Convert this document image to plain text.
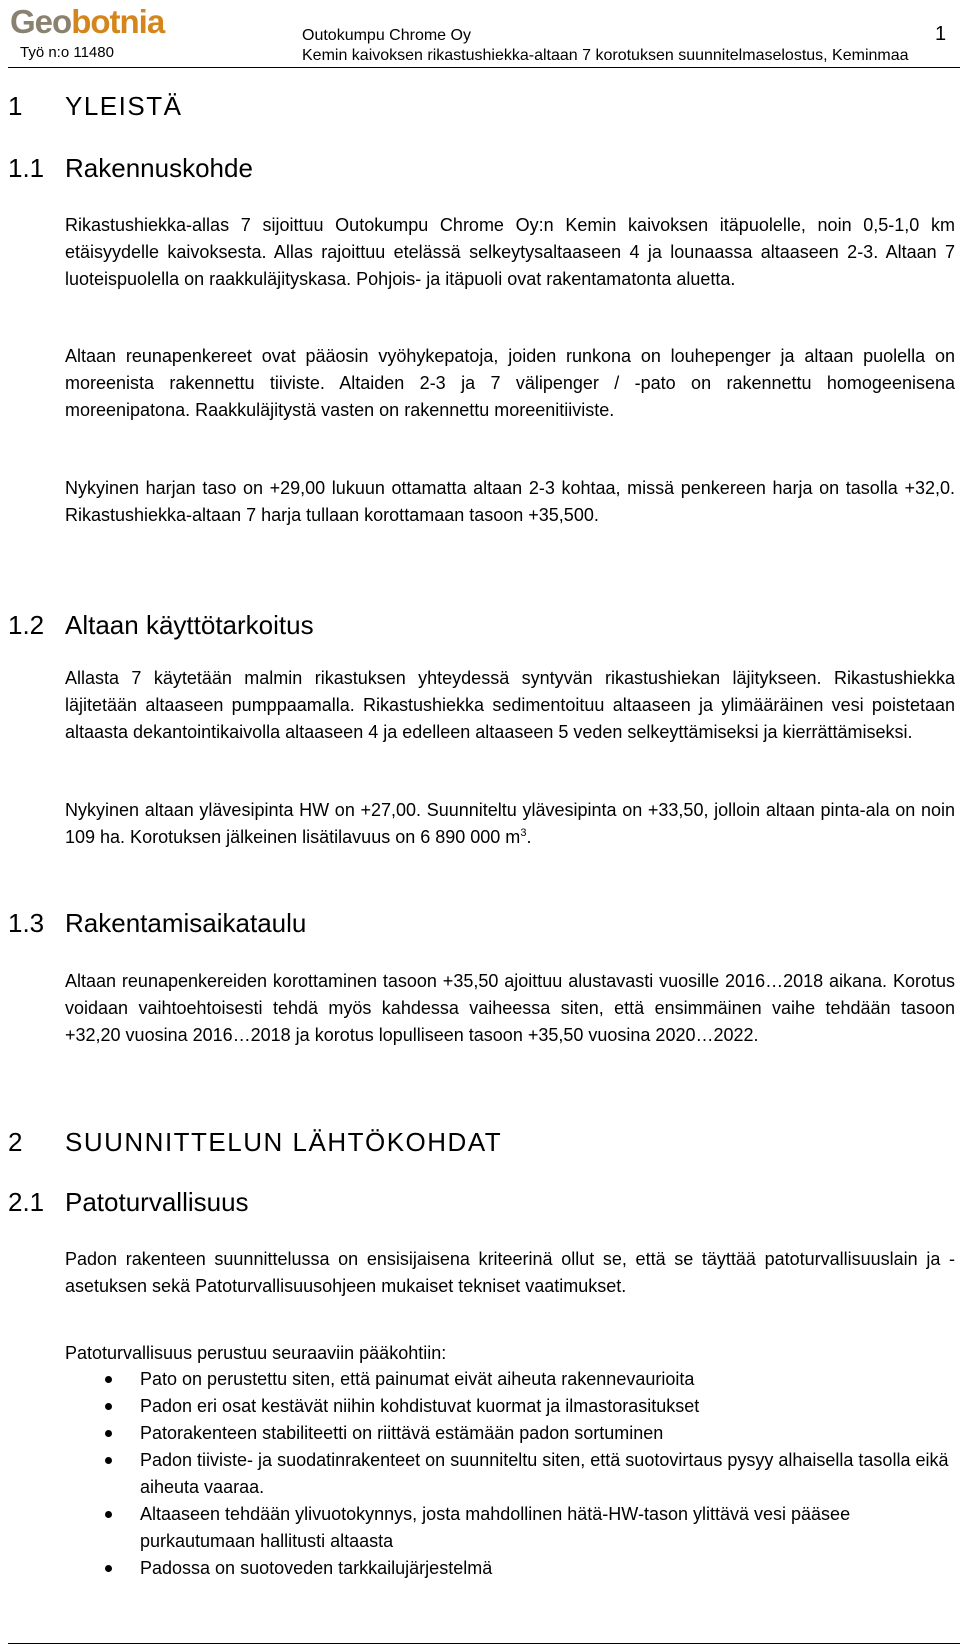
Geobotnia
Työ n:o 11480
Outokumpu Chrome Oy
Kemin kaivoksen rikastushiekka-altaan 7 korotuksen suunnitelmaselostus, Keminmaa
1
1 YLEISTÄ
1.1 Rakennuskohde
Rikastushiekka-allas 7 sijoittuu Outokumpu Chrome Oy:n Kemin kaivoksen itäpuolelle, noin 0,5-1,0 km etäisyydelle kaivoksesta. Allas rajoittuu etelässä selkeytysaltaaseen 4 ja lounaassa altaaseen 2-3. Altaan 7 luoteispuolella on raakkuläjityskasa. Pohjois- ja itäpuoli ovat rakentamatonta aluetta.
Altaan reunapenkereet ovat pääosin vyöhykepatoja, joiden runkona on louhepenger ja altaan puolella on moreenista rakennettu tiiviste. Altaiden 2-3 ja 7 välipenger / -pato on rakennettu homogeenisena moreenipatona. Raakkuläjitystä vasten on rakennettu moreenitiiviste.
Nykyinen harjan taso on +29,00 lukuun ottamatta altaan 2-3 kohtaa, missä penkereen harja on tasolla +32,0. Rikastushiekka-altaan 7 harja tullaan korottamaan tasoon +35,500.
1.2 Altaan käyttötarkoitus
Allasta 7 käytetään malmin rikastuksen yhteydessä syntyvän rikastushiekan läjitykseen. Rikastushiekka läjitetään altaaseen pumppaamalla. Rikastushiekka sedimentoituu altaaseen ja ylimääräinen vesi poistetaan altaasta dekantointikaivolla altaaseen 4 ja edelleen altaaseen 5 veden selkeyttämiseksi ja kierrättämiseksi.
Nykyinen altaan ylävesipinta HW on +27,00. Suunniteltu ylävesipinta on +33,50, jolloin altaan pinta-ala on noin 109 ha. Korotuksen jälkeinen lisätilavuus on 6 890 000 $m^3$.
1.3 Rakentamisaikataulu
Altaan reunapenkereiden korottaminen tasoon +35,50 ajoittuu alustavasti vuosille 2016…2018 aikana. Korotus voidaan vaihtoehtoisesti tehdä myös kahdessa vaiheessa siten, että ensimmäinen vaihe tehdään tasoon +32,20 vuosina 2016…2018 ja korotus lopulliseen tasoon +35,50 vuosina 2020…2022.
2 SUUNNITTELUN LÄHTÖKOHDAT
2.1 Patoturvallisuus
Padon rakenteen suunnittelussa on ensisijaisena kriteerinä ollut se, että se täyttää patoturvallisuuslain ja -asetuksen sekä Patoturvallisuusohjeen mukaiset tekniset vaatimukset.
Patoturvallisuus perustuu seuraaviin pääkohtiin:
Pato on perustettu siten, että painumat eivät aiheuta rakennevaurioita
Padon eri osat kestävät niihin kohdistuvat kuormat ja ilmastorasitukset
Patorakenteen stabiliteetti on riittävä estämään padon sortuminen
Padon tiiviste- ja suodatinrakenteet on suunniteltu siten, että suotovirtaus pysyy alhaisella tasolla eikä aiheuta vaaraa.
Altaaseen tehdään ylivuotokynnys, josta mahdollinen hätä-HW-tason ylittävä vesi pääsee purkautumaan hallitusti altaasta
Padossa on suotoveden tarkkailujärjestelmä
